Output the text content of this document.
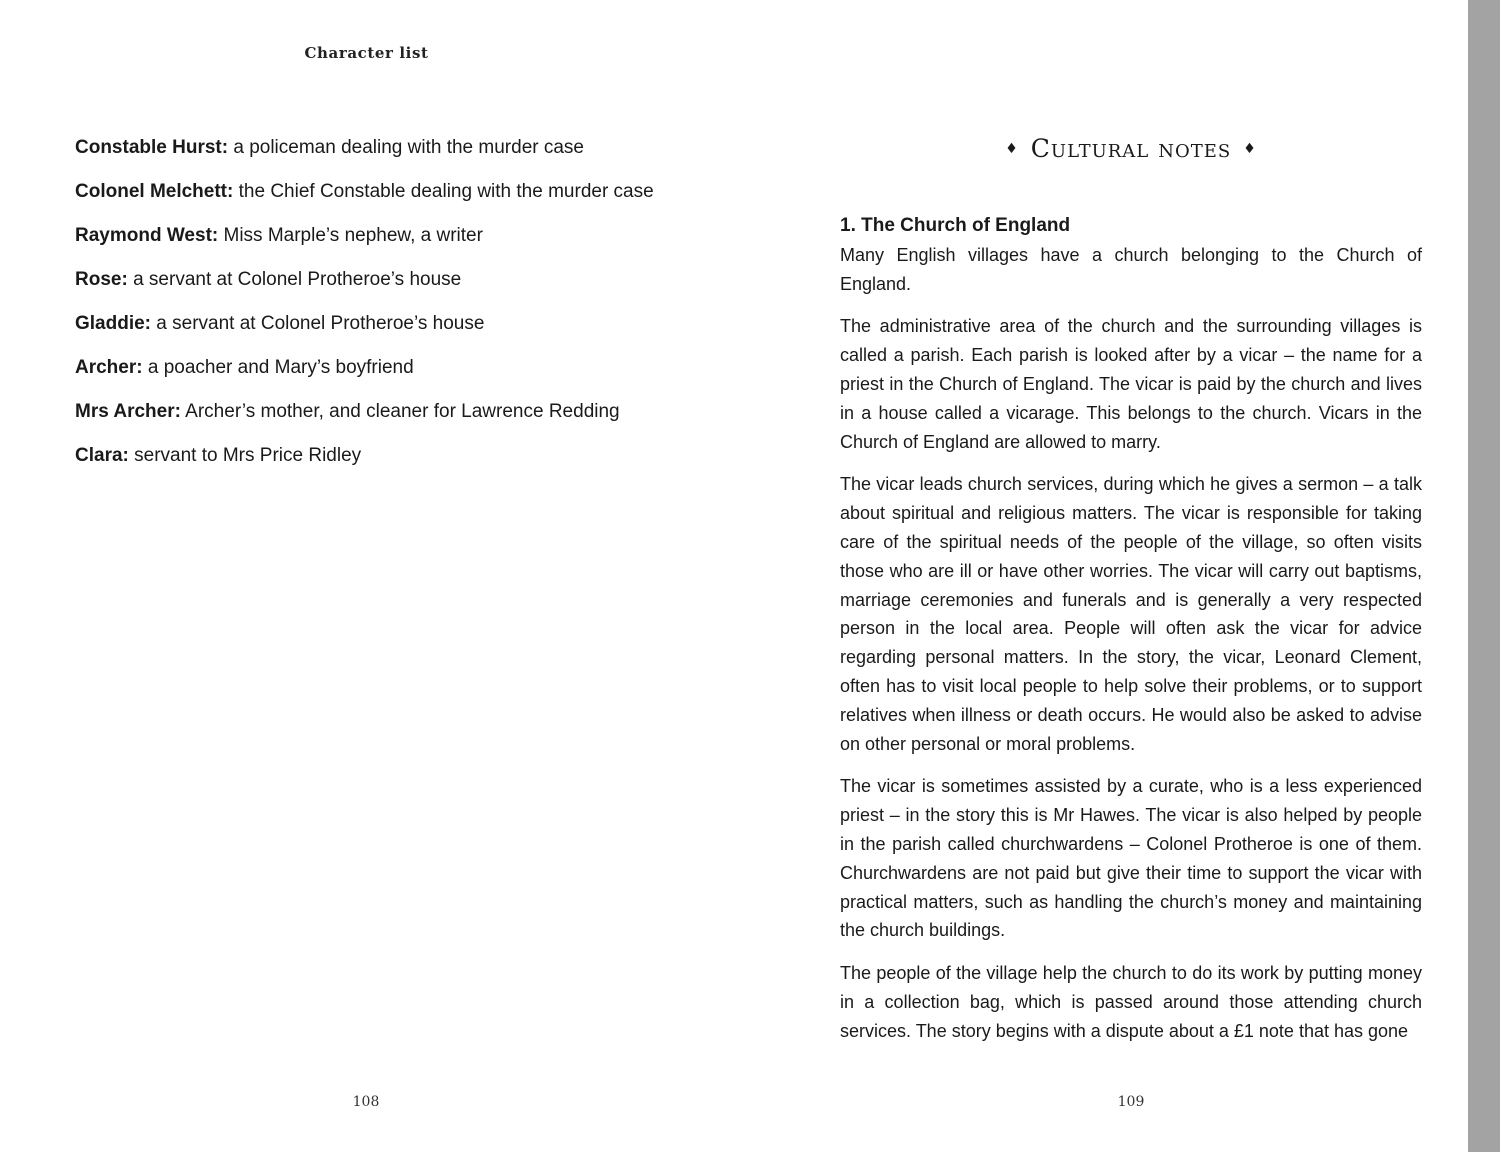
Character list
Constable Hurst: a policeman dealing with the murder case
Colonel Melchett: the Chief Constable dealing with the murder case
Raymond West: Miss Marple’s nephew, a writer
Rose: a servant at Colonel Protheroe’s house
Gladdie: a servant at Colonel Protheroe’s house
Archer: a poacher and Mary’s boyfriend
Mrs Archer: Archer’s mother, and cleaner for Lawrence Redding
Clara: servant to Mrs Price Ridley
108
♦ Cultural notes ♦
1. The Church of England

Many English villages have a church belonging to the Church of England.

The administrative area of the church and the surrounding villages is called a parish. Each parish is looked after by a vicar – the name for a priest in the Church of England. The vicar is paid by the church and lives in a house called a vicarage. This belongs to the church. Vicars in the Church of England are allowed to marry.

The vicar leads church services, during which he gives a sermon – a talk about spiritual and religious matters. The vicar is responsible for taking care of the spiritual needs of the people of the village, so often visits those who are ill or have other worries. The vicar will carry out baptisms, marriage ceremonies and funerals and is generally a very respected person in the local area. People will often ask the vicar for advice regarding personal matters. In the story, the vicar, Leonard Clement, often has to visit local people to help solve their problems, or to support relatives when illness or death occurs. He would also be asked to advise on other personal or moral problems.

The vicar is sometimes assisted by a curate, who is a less experienced priest – in the story this is Mr Hawes. The vicar is also helped by people in the parish called churchwardens – Colonel Protheroe is one of them. Churchwardens are not paid but give their time to support the vicar with practical matters, such as handling the church’s money and maintaining the church buildings.

The people of the village help the church to do its work by putting money in a collection bag, which is passed around those attending church services. The story begins with a dispute about a £1 note that has gone

109
